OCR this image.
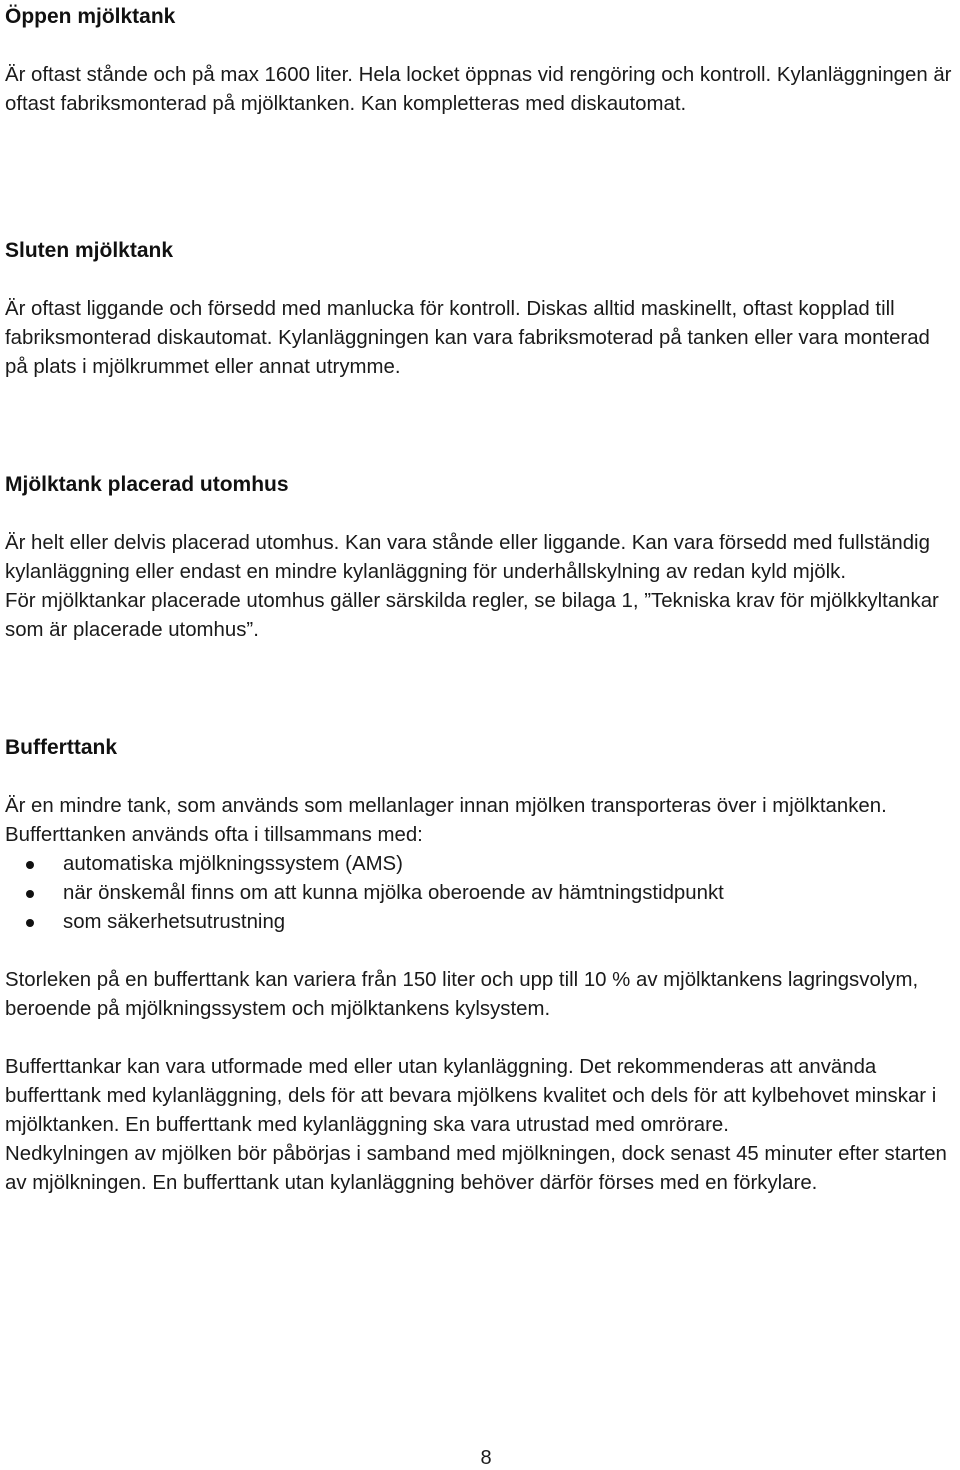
Öppen mjölktank

Är oftast stånde och på max 1600 liter. Hela locket öppnas vid rengöring och kontroll. Kylanläggningen är oftast fabriksmonterad på mjölktanken. Kan kompletteras med diskautomat.

Sluten mjölktank

Är oftast liggande och försedd med manlucka för kontroll. Diskas alltid maskinellt, oftast kopplad till fabriksmonterad diskautomat. Kylanläggningen kan vara fabriksmoterad på tanken eller vara monterad på plats i mjölkrummet eller annat utrymme.

Mjölktank placerad utomhus

Är helt eller delvis placerad utomhus. Kan vara stånde eller liggande. Kan vara försedd med fullständig kylanläggning eller endast en mindre kylanläggning för underhållskylning av redan kyld mjölk.

För mjölktankar placerade utomhus gäller särskilda regler, se bilaga 1, ”Tekniska krav för mjölkkyltankar som är placerade utomhus”.

Bufferttank

Är en mindre tank, som används som mellanlager innan mjölken transporteras över i mjölktanken. Bufferttanken används ofta i tillsammans med:

automatiska mjölkningssystem (AMS)
när önskemål finns om att kunna mjölka oberoende av hämtningstidpunkt
som säkerhetsutrustning

Storleken på en bufferttank kan variera från 150 liter och upp till 10 % av mjölktankens lagringsvolym, beroende på mjölkningssystem och mjölktankens kylsystem.

Bufferttankar kan vara utformade med eller utan kylanläggning. Det rekommenderas att använda bufferttank med kylanläggning, dels för att bevara mjölkens kvalitet och dels för att kylbehovet minskar i mjölktanken. En bufferttank med kylanläggning ska vara utrustad med omrörare.

Nedkylningen av mjölken bör påbörjas i samband med mjölkningen, dock senast 45 minuter efter starten av mjölkningen. En bufferttank utan kylanläggning behöver därför förses med en förkylare.

8
